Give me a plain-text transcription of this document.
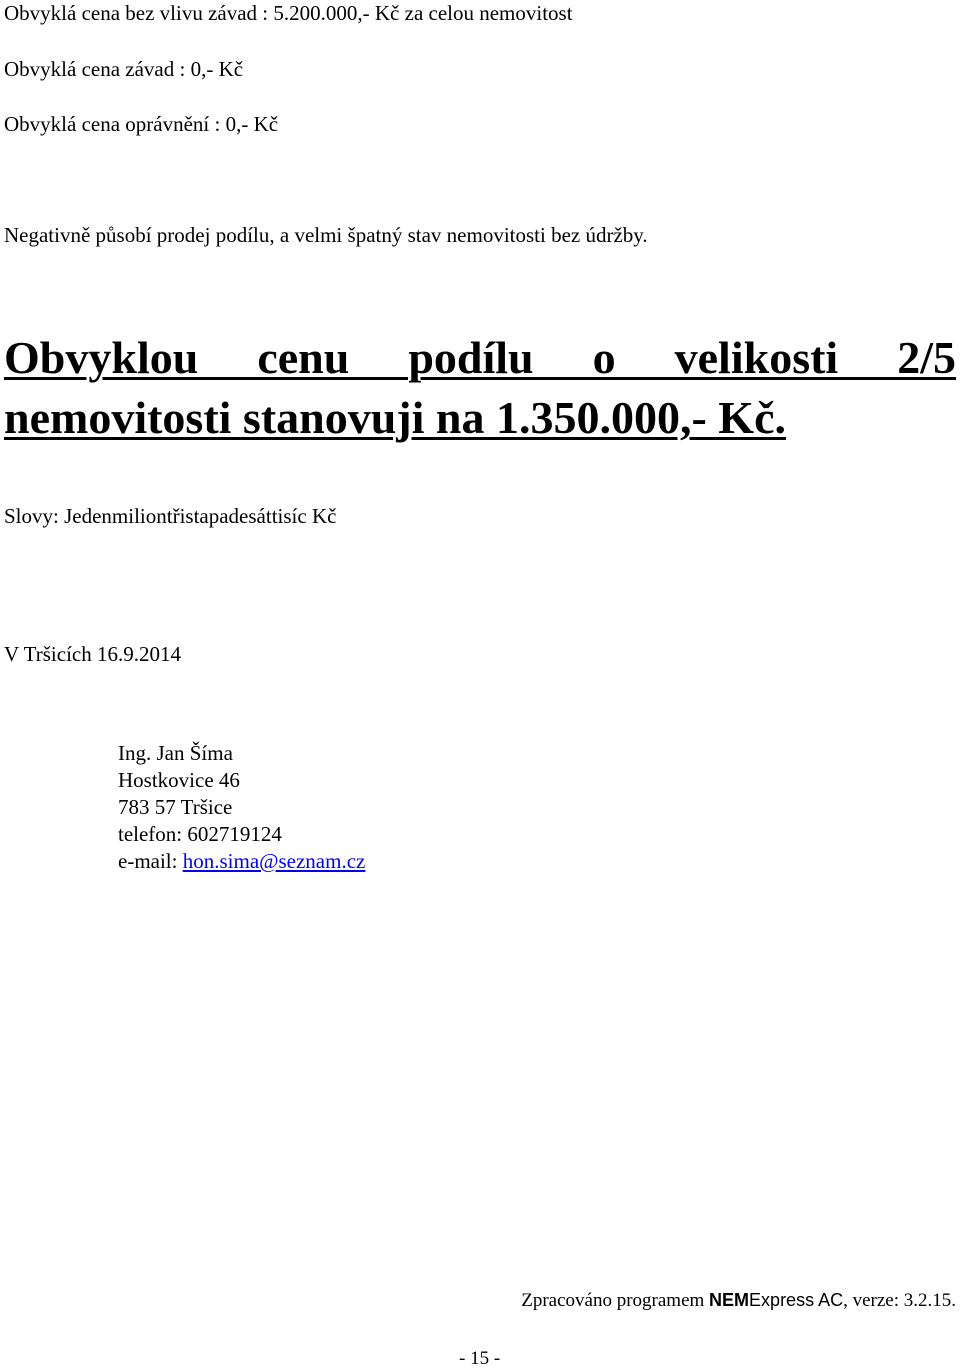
Obvyklá cena bez vlivu závad : 5.200.000,- Kč za celou nemovitost
Obvyklá cena závad : 0,- Kč
Obvyklá cena oprávnění : 0,- Kč
Negativně působí prodej podílu, a velmi špatný stav nemovitosti bez údržby.
Obvyklou cenu podílu o velikosti 2/5
nemovitosti stanovuji na 1.350.000,- Kč.
Slovy: Jedenmiliontřistapadesáttisíc Kč
V Tršicích 16.9.2014
Ing. Jan Šíma
Hostkovice 46
783 57 Tršice
telefon: 602719124
e-mail: hon.sima@seznam.cz
Zpracováno programem NEMExpress AC, verze: 3.2.15.
- 15 -
